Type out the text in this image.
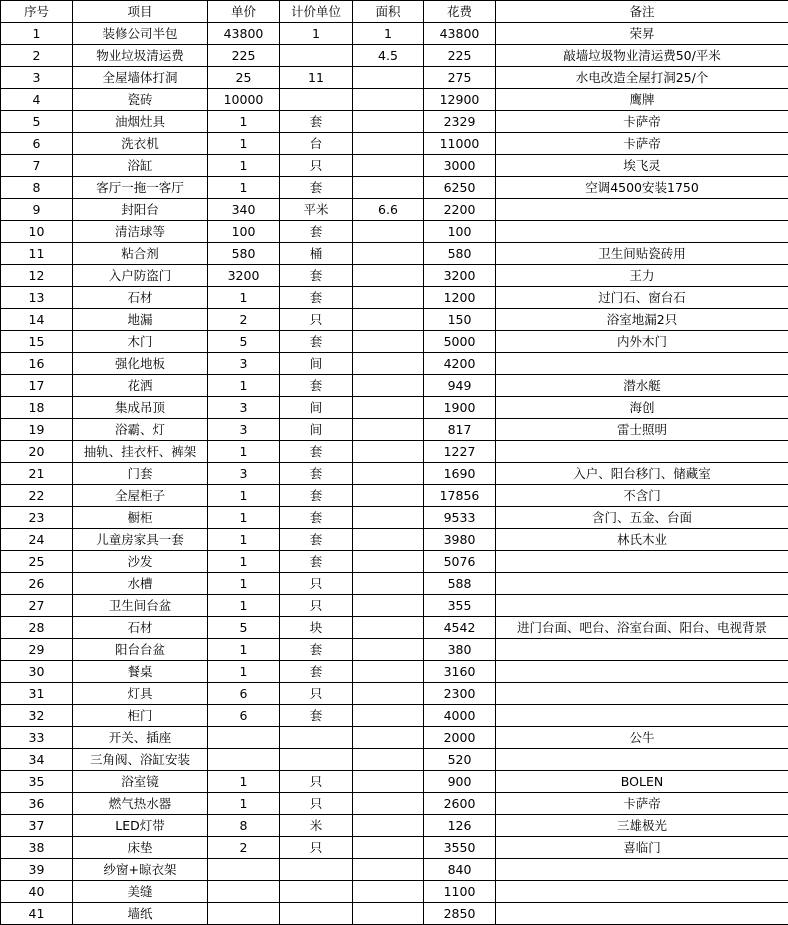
序号	项目	单价	计价单位	面积	花费	备注
1	装修公司半包	43800	1	1	43800	荣昇
2	物业垃圾清运费	225		4.5	225	敲墙垃圾物业清运费50/平米
3	全屋墙体打洞	25	11		275	水电改造全屋打洞25/个
4	瓷砖	10000			12900	鹰牌
5	油烟灶具	1	套		2329	卡萨帝
6	洗衣机	1	台		11000	卡萨帝
7	浴缸	1	只		3000	埃飞灵
8	客厅一拖一客厅	1	套		6250	空调4500安装1750
9	封阳台	340	平米	6.6	2200	
10	清洁球等	100	套		100	
11	粘合剂	580	桶		580	卫生间贴瓷砖用
12	入户防盗门	3200	套		3200	王力
13	石材	1	套		1200	过门石、窗台石
14	地漏	2	只		150	浴室地漏2只
15	木门	5	套		5000	内外木门
16	强化地板	3	间		4200	
17	花洒	1	套		949	潜水艇
18	集成吊顶	3	间		1900	海创
19	浴霸、灯	3	间		817	雷士照明
20	抽轨、挂衣杆、裤架	1	套		1227	
21	门套	3	套		1690	入户、阳台移门、储藏室
22	全屋柜子	1	套		17856	不含门
23	橱柜	1	套		9533	含门、五金、台面
24	儿童房家具一套	1	套		3980	林氏木业
25	沙发	1	套		5076	
26	水槽	1	只		588	
27	卫生间台盆	1	只		355	
28	石材	5	块		4542	进门台面、吧台、浴室台面、阳台、电视背景
29	阳台台盆	1	套		380	
30	餐桌	1	套		3160	
31	灯具	6	只		2300	
32	柜门	6	套		4000	
33	开关、插座				2000	公牛
34	三角阀、浴缸安装				520	
35	浴室镜	1	只		900	BOLEN
36	燃气热水器	1	只		2600	卡萨帝
37	LED灯带	8	米		126	三雄极光
38	床垫	2	只		3550	喜临门
39	纱窗+晾衣架				840	
40	美缝				1100	
41	墙纸				2850	
